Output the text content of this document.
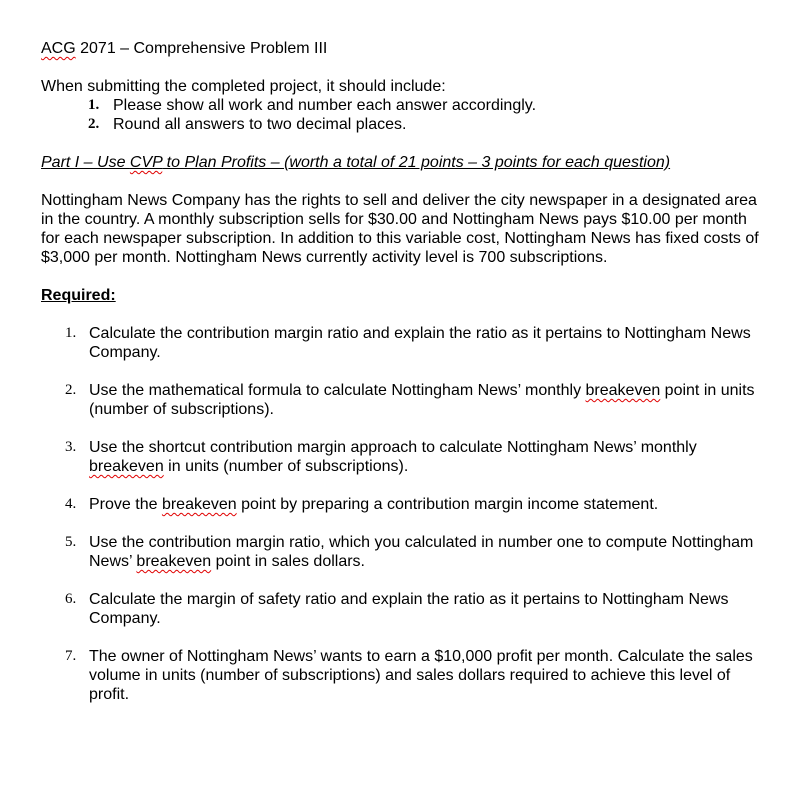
ACG 2071 – Comprehensive Problem III

When submitting the completed project, it should include:

1. Please show all work and number each answer accordingly.
2. Round all answers to two decimal places.

Part I – Use CVP to Plan Profits – (worth a total of 21 points – 3 points for each question)

Nottingham News Company has the rights to sell and deliver the city newspaper in a designated area

in the country. A monthly subscription sells for $30.00 and Nottingham News pays $10.00 per month

for each newspaper subscription. In addition to this variable cost, Nottingham News has fixed costs of

$3,000 per month. Nottingham News currently activity level is 700 subscriptions.

Required:

1. Calculate the contribution margin ratio and explain the ratio as it pertains to Nottingham News Company.
2. Use the mathematical formula to calculate Nottingham News’ monthly breakeven point in units (number of subscriptions).
3. Use the shortcut contribution margin approach to calculate Nottingham News’ monthly breakeven in units (number of subscriptions).
4. Prove the breakeven point by preparing a contribution margin income statement.
5. Use the contribution margin ratio, which you calculated in number one to compute Nottingham News’ breakeven point in sales dollars.
6. Calculate the margin of safety ratio and explain the ratio as it pertains to Nottingham News Company.
7. The owner of Nottingham News’ wants to earn a $10,000 profit per month. Calculate the sales volume in units (number of subscriptions) and sales dollars required to achieve this level of profit.
